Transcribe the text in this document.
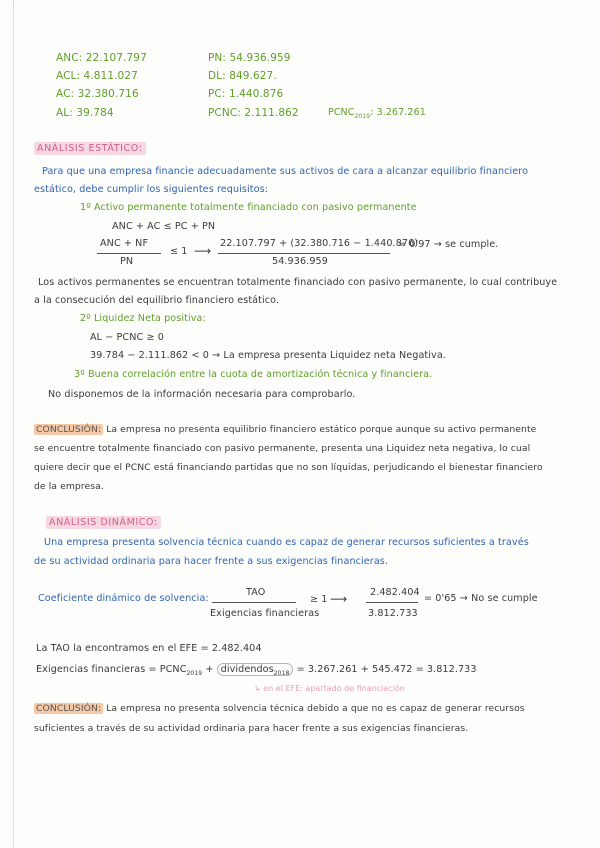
ANC: 22.107.797
ACL: 4.811.027
AC: 32.380.716
AL: 39.784
PN: 54.936.959
DL: 849.627.
PC: 1.440.876
PCNC: 2.111.862	$PCNC_{2019}$: 3.267.261
ANÁLISIS ESTÁTICO:
Para que una empresa financie adecuadamente sus activos de cara a alcanzar equilibrio financiero
estático, debe cumplir los siguientes requisitos:
1º Activo permanente totalmente financiado con pasivo permanente
ANC + AC ≤ PC + PN
ANC + NF
PN
≤ 1 ⟶
22.107.797 + (32.380.716 − 1.440.876)
54.936.959
= 0'97 → se cumple.
Los activos permanentes se encuentran totalmente financiado con pasivo permanente, lo cual contribuye
a la consecución del equilibrio financiero estático.
2º Liquidez Neta positiva:
AL − PCNC ≥ 0
39.784 − 2.111.862 < 0 → La empresa presenta Liquidez neta Negativa.
3º Buena correlación entre la cuota de amortización técnica y financiera.
No disponemos de la información necesaria para comprobarlo.
CONCLUSIÓN: La empresa no presenta equilibrio financiero estático porque aunque su activo permanente
se encuentre totalmente financiado con pasivo permanente, presenta una Liquidez neta negativa, lo cual
quiere decir que el PCNC está financiando partidas que no son líquidas, perjudicando el bienestar financiero
de la empresa.
ANÁLISIS DINÁMICO:
Una empresa presenta solvencia técnica cuando es capaz de generar recursos suficientes a través
de su actividad ordinaria para hacer frente a sus exigencias financieras.
Coeficiente dinámico de solvencia:
TAO
Exigencias financieras
≥ 1 ⟶ 2.482.404
3.812.733
= 0'65 → No se cumple
La TAO la encontramos en el EFE = 2.482.404
Exigencias financieras = $PCNC_{2019}$ + dividendos$_{2018}$ = 3.267.261 + 545.472 = 3.812.733
↳ en el EFE: apartado de financiación
CONCLUSIÓN: La empresa no presenta solvencia técnica debido a que no es capaz de generar recursos
suficientes a través de su actividad ordinaria para hacer frente a sus exigencias financieras.
